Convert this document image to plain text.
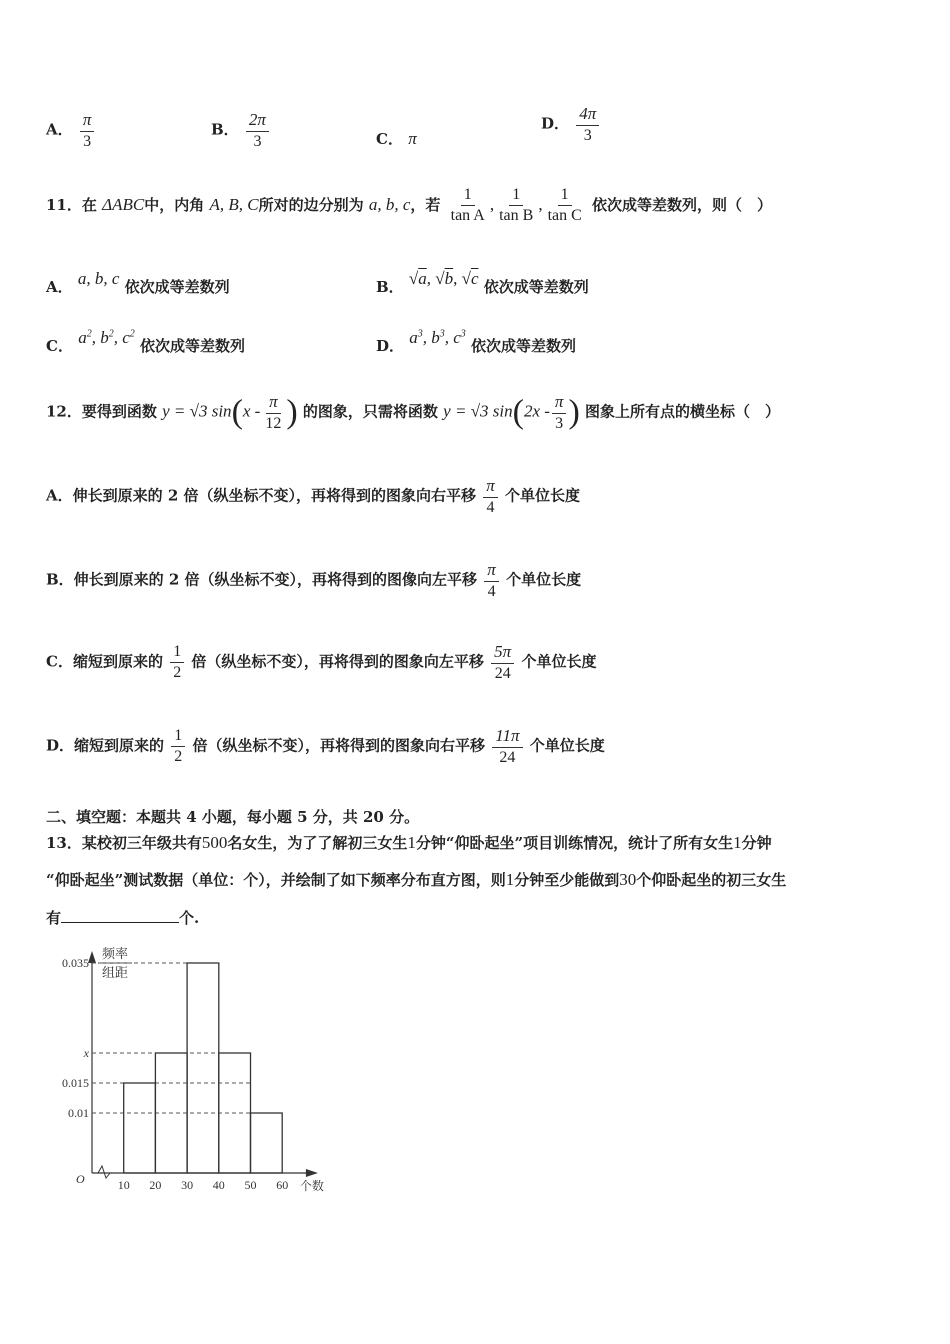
A． $\frac{\pi}{3}$	B． $\frac{2\pi}{3}$	C． π
D． $\frac{4\pi}{3}$
11．在 ΔABC中，内角 A, B, C所对的边分别为 a, b, c，若 $\frac{1}{\text{tan A}}$ , $\frac{1}{\text{tan B}}$ , $\frac{1}{\text{tan C}}$ 依次成等差数列，则（　）
A． a, b, c 依次成等差数列	B． √a, √b, √c 依次成等差数列
C． $a^2$, $b^2$, $c^2$ 依次成等差数列	D． $a^3$, $b^3$, $c^3$ 依次成等差数列
12．要得到函数 y = √3 $\sin(x - \frac{\pi}{12}$ ) 的图象，只需将函数 y = √3 $\sin(2x - \frac{\pi}{3}$ ) 图象上所有点的横坐标（　）
A．伸长到原来的 2 倍（纵坐标不变），再将得到的图象向右平移 $\frac{\pi}{4}$ 个单位长度
B．伸长到原来的 2 倍（纵坐标不变），再将得到的图像向左平移 $\frac{\pi}{4}$ 个单位长度
C．缩短到原来的 $\frac{1}{2}$ 倍（纵坐标不变），再将得到的图象向左平移 $\frac{5\pi}{24}$ 个单位长度
D．缩短到原来的 $\frac{1}{2}$ 倍（纵坐标不变），再将得到的图象向右平移 $\frac{11\pi}{24}$ 个单位长度
二、填空题：本题共 4 小题，每小题 5 分，共 20 分。
13．某校初三年级共有500名女生，为了了解初三女生1分钟“仰卧起坐”项目训练情况，统计了所有女生1分钟
“仰卧起坐”测试数据（单位：个），并绘制了如下频率分布直方图，则1分钟至少能做到30个仰卧起坐的初三女生
有	个.
频率
组距
O
0.035
x
0.015
0.01
10 20 30 40 50 60 个数
